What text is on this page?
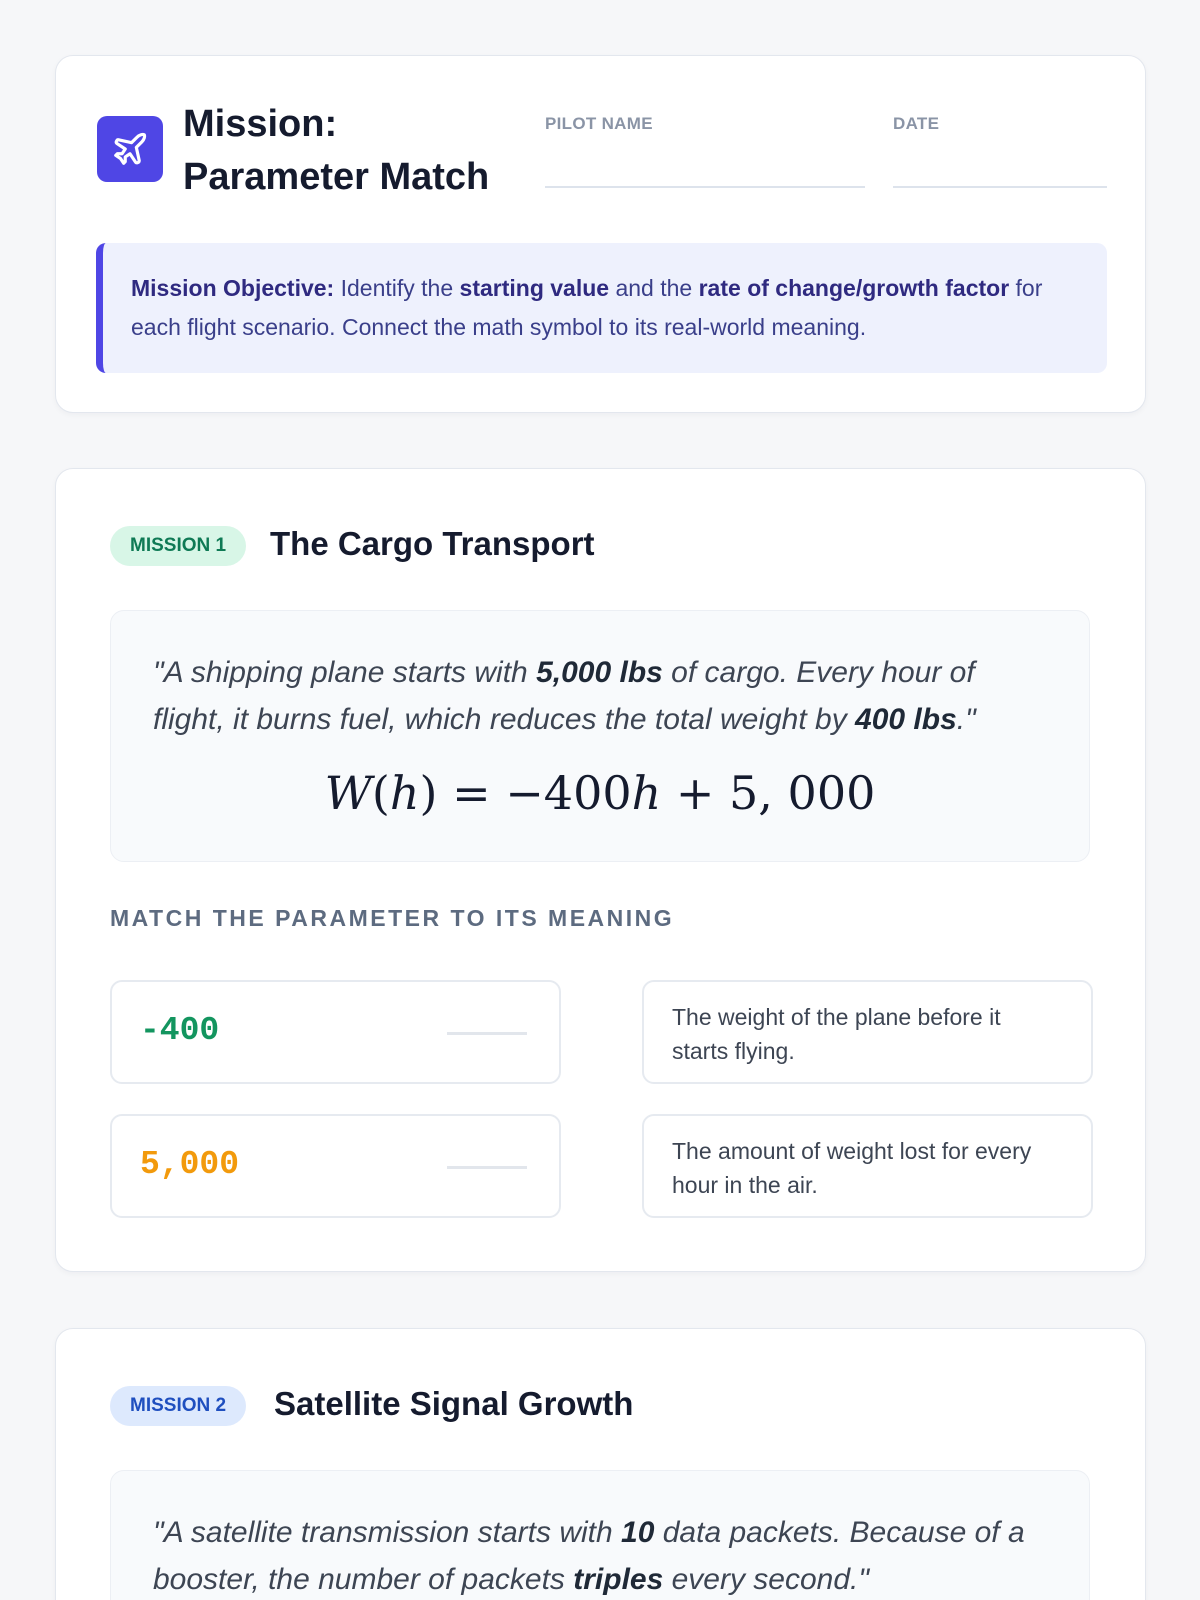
Mission:
Parameter Match
PILOT NAME	DATE
Mission Objective: Identify the starting value and the rate of change/growth factor for each flight scenario. Connect the math symbol to its real-world meaning.
MISSION 1	The Cargo Transport
"A shipping plane starts with 5,000 lbs of cargo. Every hour of flight, it burns fuel, which reduces the total weight by 400 lbs."
W(h) = −400h + 5, 000
MATCH THE PARAMETER TO ITS MEANING
-400
5,000
The weight of the plane before it starts flying.
The amount of weight lost for every hour in the air.
MISSION 2	Satellite Signal Growth
"A satellite transmission starts with 10 data packets. Because of a booster, the number of packets triples every second."
